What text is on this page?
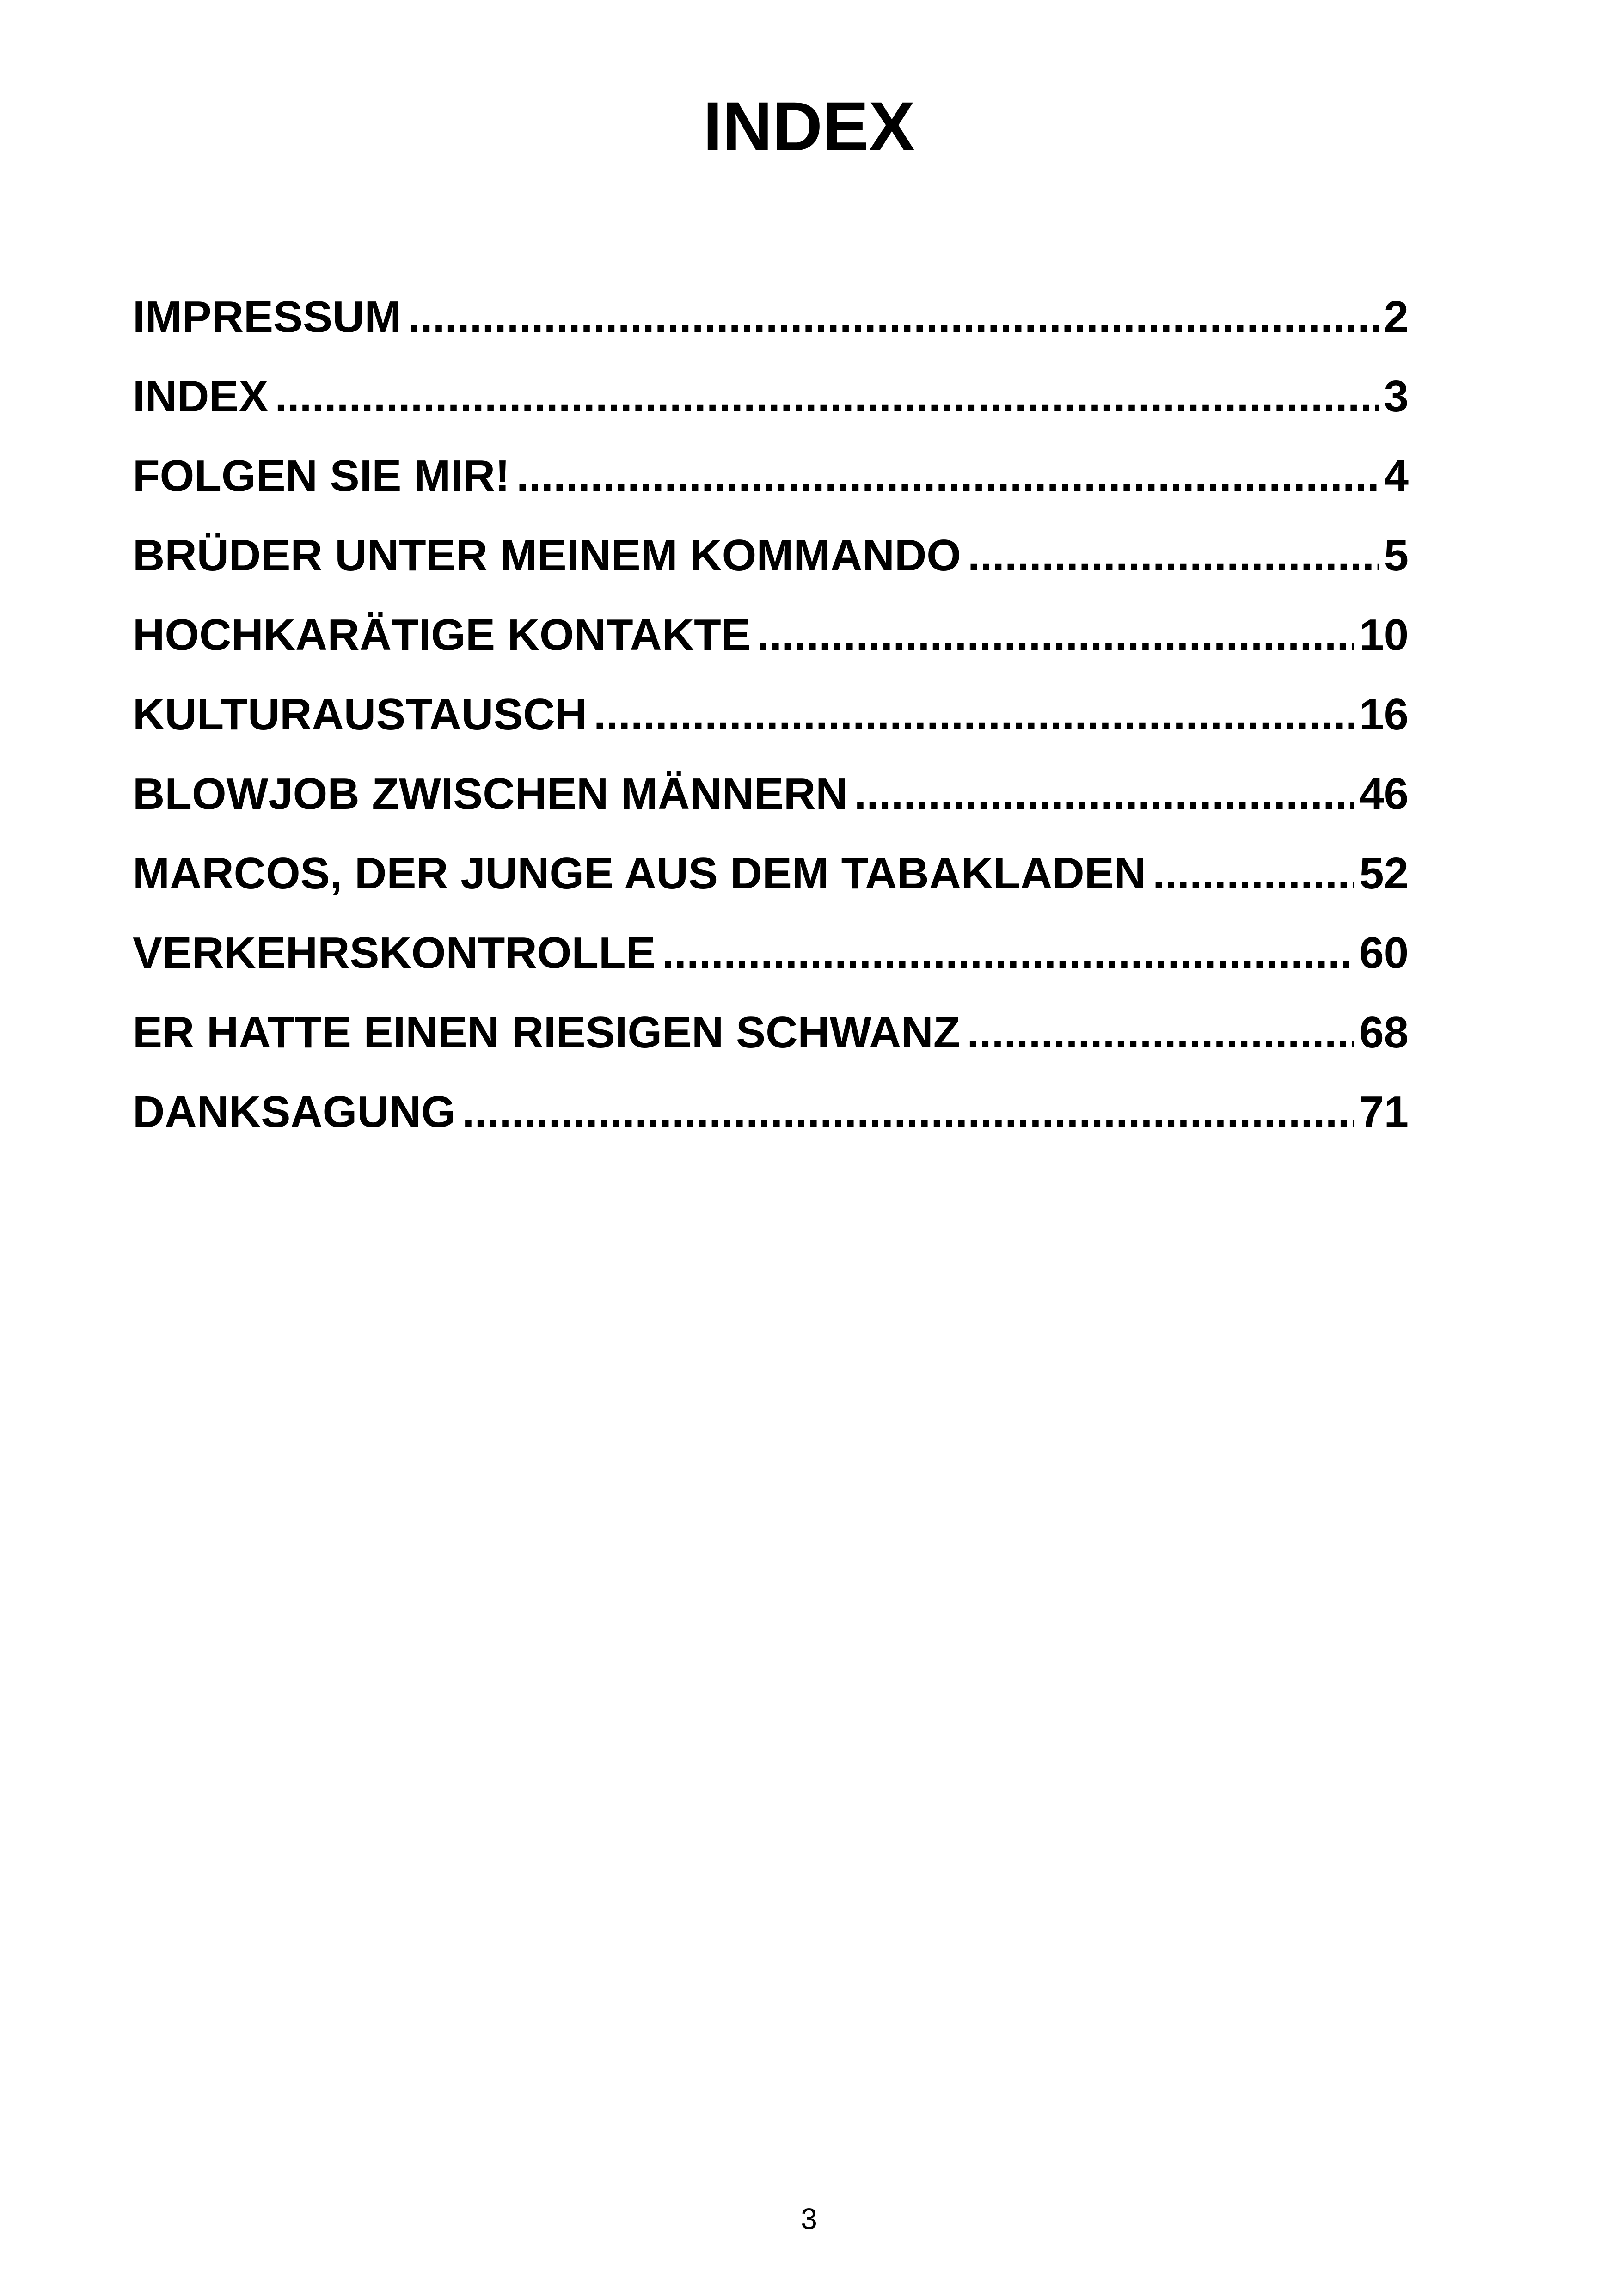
INDEX
IMPRESSUM .....	2
INDEX .....	3
FOLGEN SIE MIR! .....	4
BRÜDER UNTER MEINEM KOMMANDO .....	5
HOCHKARÄTIGE KONTAKTE .....	10
KULTURAUSTAUSCH .....	16
BLOWJOB ZWISCHEN MÄNNERN .....	46
MARCOS, DER JUNGE AUS DEM TABAKLADEN .....	52
VERKEHRSKONTROLLE .....	60
ER HATTE EINEN RIESIGEN SCHWANZ .....	68
DANKSAGUNG .....	71
3
